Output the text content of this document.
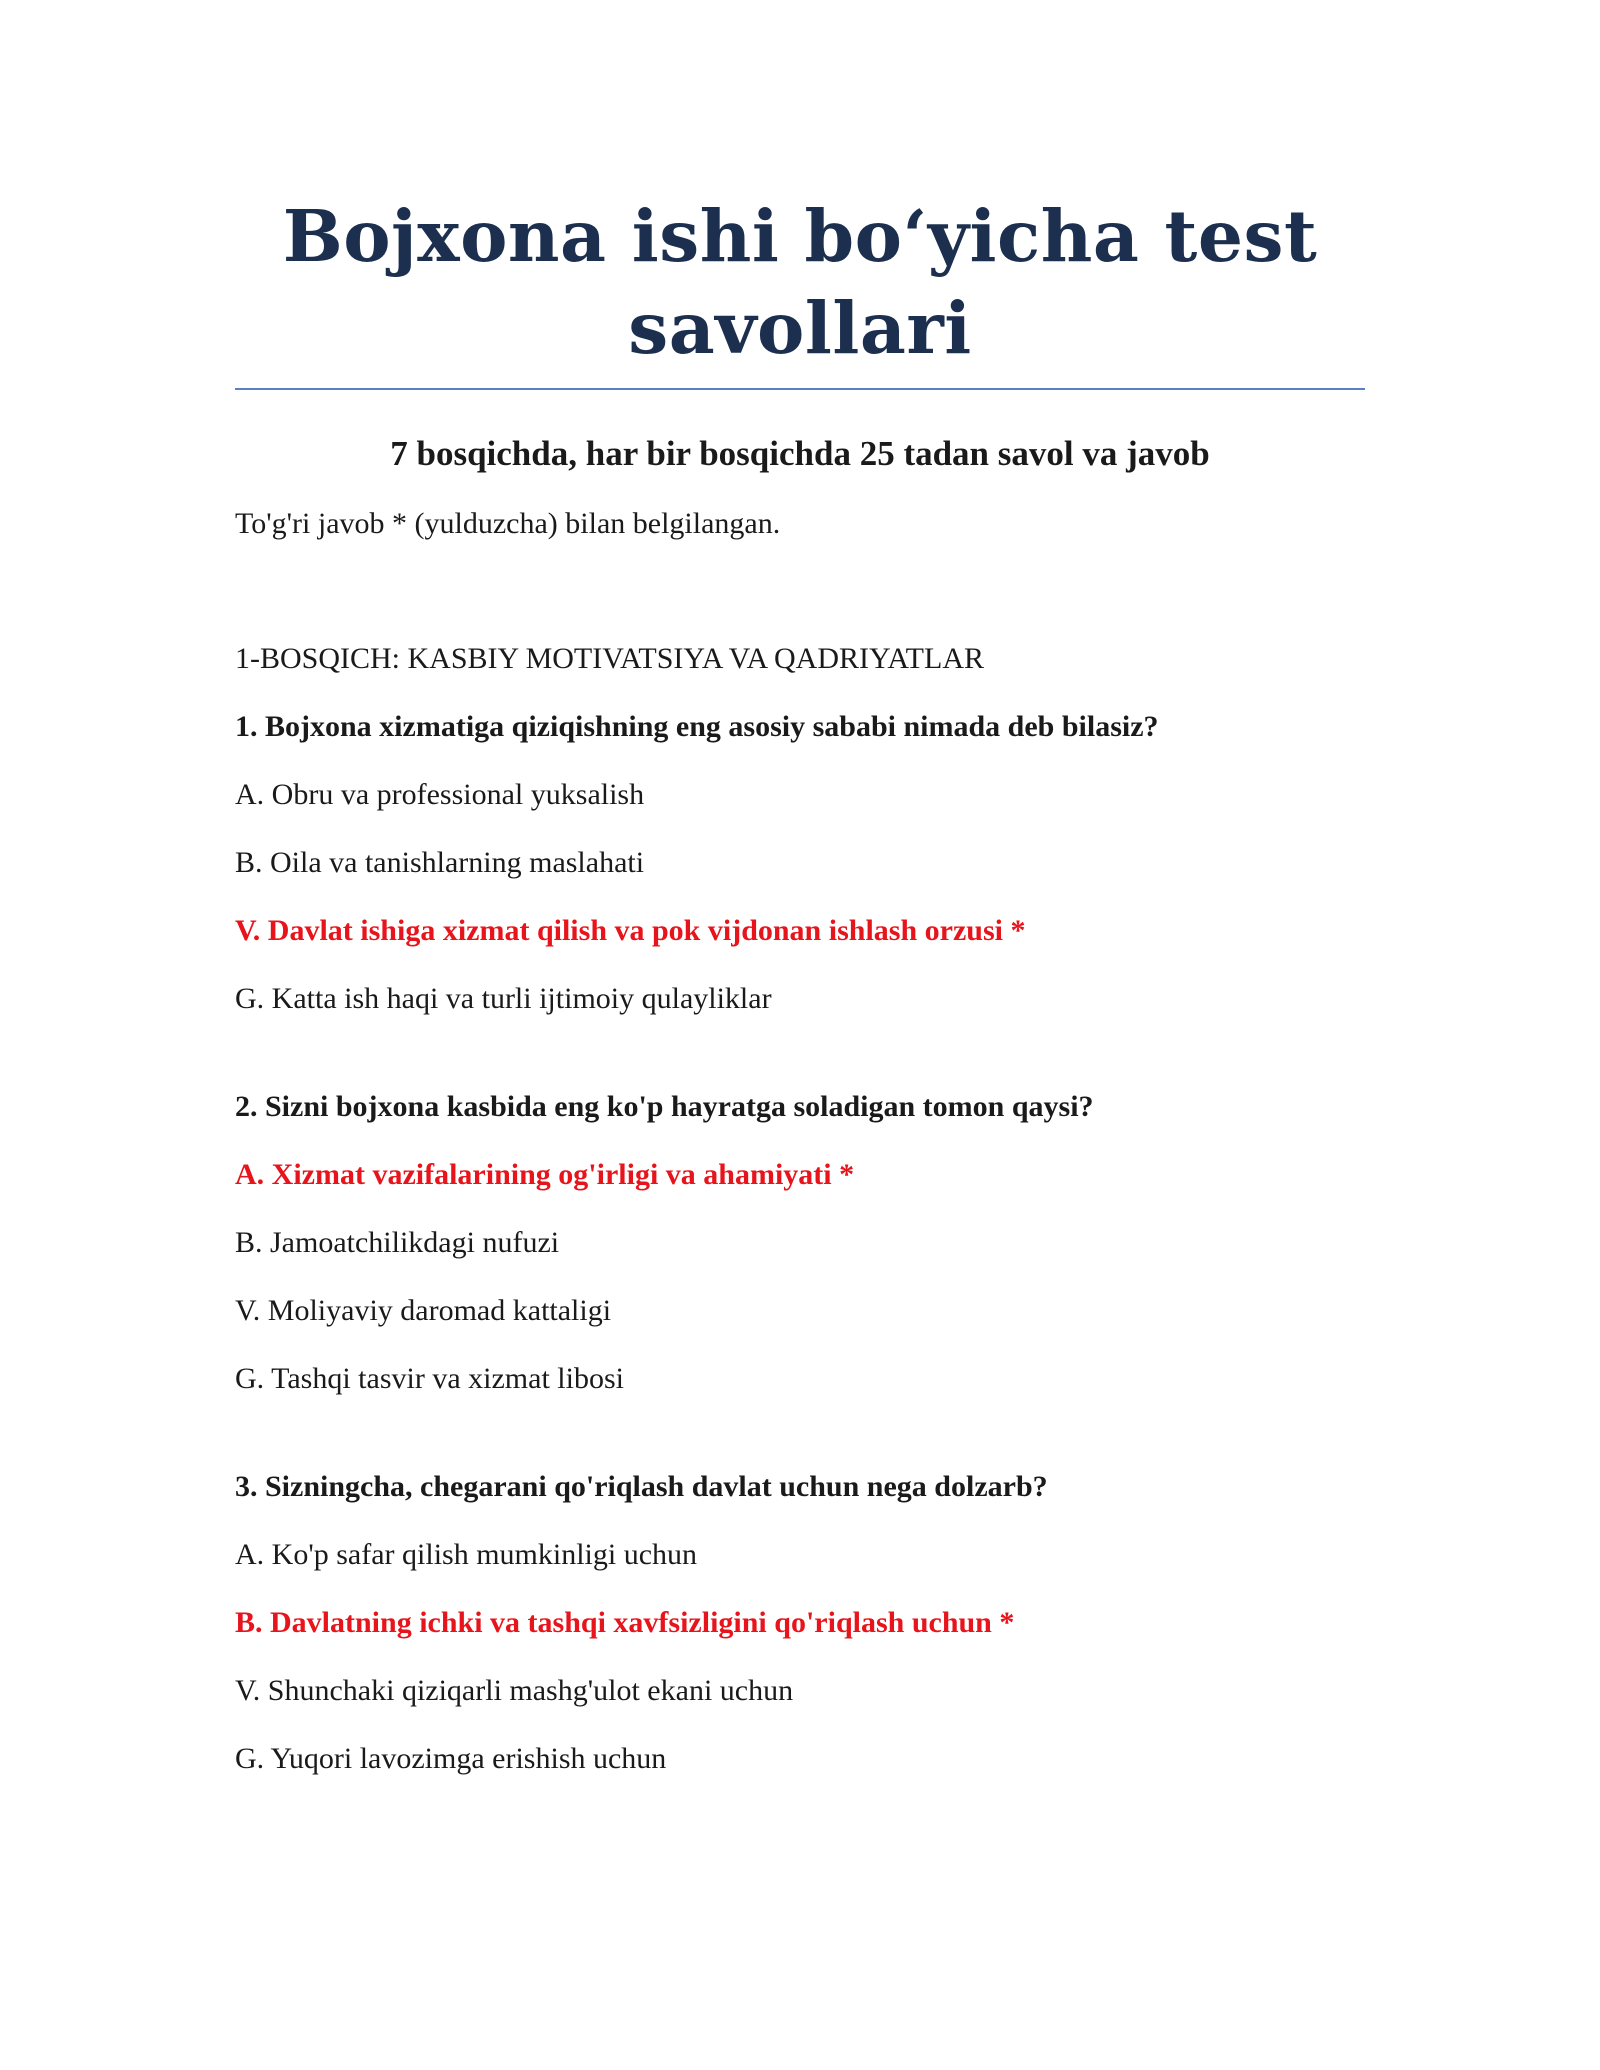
Bojxona ishi bo‘yicha test savollari

7 bosqichda, har bir bosqichda 25 tadan savol va javob

To'g'ri javob * (yulduzcha) bilan belgilangan.

1-BOSQICH: KASBIY MOTIVATSIYA VA QADRIYATLAR

1. Bojxona xizmatiga qiziqishning eng asosiy sababi nimada deb bilasiz?

A. Obru va professional yuksalish

B. Oila va tanishlarning maslahati

V. Davlat ishiga xizmat qilish va pok vijdonan ishlash orzusi *

G. Katta ish haqi va turli ijtimoiy qulayliklar

2. Sizni bojxona kasbida eng ko'p hayratga soladigan tomon qaysi?

A. Xizmat vazifalarining og'irligi va ahamiyati *

B. Jamoatchilikdagi nufuzi

V. Moliyaviy daromad kattaligi

G. Tashqi tasvir va xizmat libosi

3. Sizningcha, chegarani qo'riqlash davlat uchun nega dolzarb?

A. Ko'p safar qilish mumkinligi uchun

B. Davlatning ichki va tashqi xavfsizligini qo'riqlash uchun *

V. Shunchaki qiziqarli mashg'ulot ekani uchun

G. Yuqori lavozimga erishish uchun
